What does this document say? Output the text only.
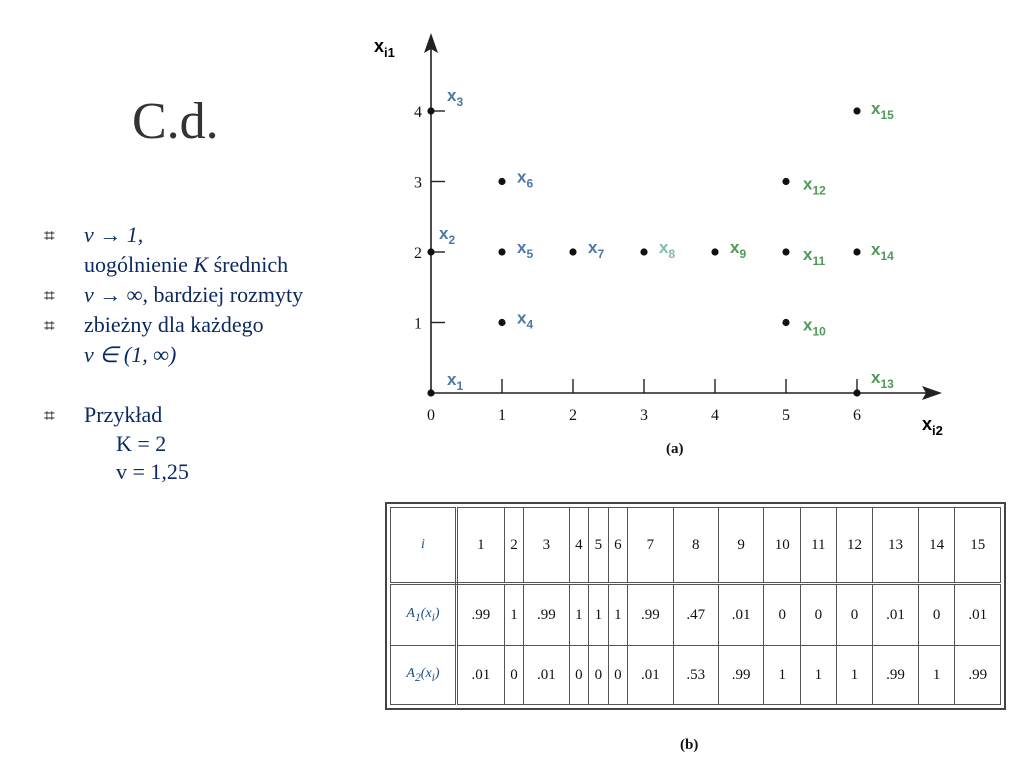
C.d.
⌗ v → 1,
uogólnienie K średnich
⌗ v → ∞, bardziej rozmyty
⌗ zbieżny dla każdego
v ∈ (1, ∞)
⌗ Przykład
K = 2
v = 1,25
0	1	2	3	4	5	6
1
2
3
4
$x_1$
$x_2$
$x_3$
$x_4$
$x_5$
$x_6$
$x_7$	$x_8$	$x_9$
$x_{10}$
$x_{11}$
$x_{12}$
$x_{13}$
$x_{14}$
$x_{15}$
$x_{i1}$
$x_{i2}$
(a)
i	1	2	3	4	5	6	7	8	9	10	11	12	13	14	15
$A_1(x_i)$	.99	1	.99	1	1	1	.99	.47	.01	0	0	0	.01	0	.01
$A_2(x_i)$	.01	0	.01	0	0	0	.01	.53	.99	1	1	1	.99	1	.99
(b)
